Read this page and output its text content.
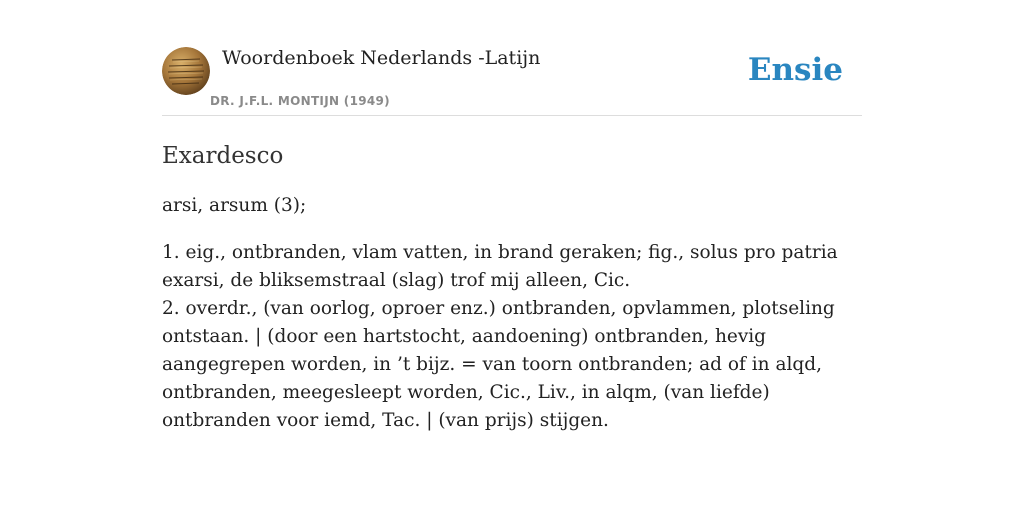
Woordenboek Nederlands -Latijn
DR. J.F.L. MONTIJN (1949)
Ensie
Exardesco
arsi, arsum (3);
1. eig., ontbranden, vlam vatten, in brand geraken; fig., solus pro patria exarsi, de bliksemstraal (slag) trof mij alleen, Cic.
2. overdr., (van oorlog, oproer enz.) ontbranden, opvlammen, plotseling ontstaan. | (door een hartstocht, aandoening) ontbranden, hevig aangegrepen worden, in ’t bijz. = van toorn ontbranden; ad of in alqd, ontbranden, meegesleept worden, Cic., Liv., in alqm, (van liefde) ontbranden voor iemd, Tac. | (van prijs) stijgen.
